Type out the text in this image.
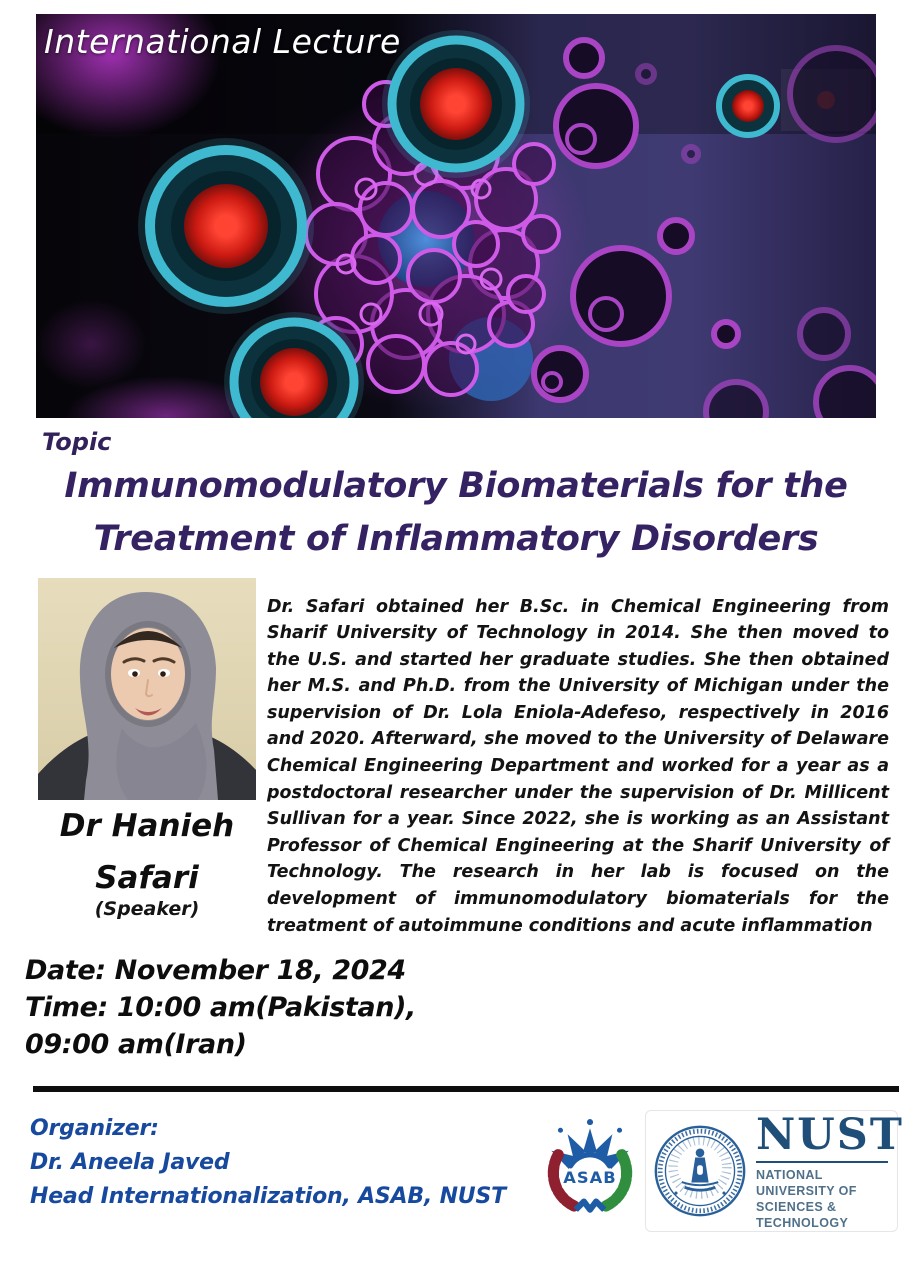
International Lecture
Topic
Immunomodulatory Biomaterials for the
Treatment of Inflammatory Disorders
Dr Hanieh
Safari
(Speaker)

Dr. Safari obtained her B.Sc. in Chemical Engineering from Sharif University of Technology in 2014. She then moved to the U.S. and started her graduate studies. She then obtained her M.S. and Ph.D. from the University of Michigan under the supervision of Dr. Lola Eniola-Adefeso, respectively in 2016 and 2020. Afterward, she moved to the University of Delaware Chemical Engineering Department and worked for a year as a postdoctoral researcher under the supervision of Dr. Millicent Sullivan for a year. Since 2022, she is working as an Assistant Professor of Chemical Engineering at the Sharif University of Technology. The research in her lab is focused on the development of immunomodulatory biomaterials for the treatment of autoimmune conditions and acute inflammation

Date: November 18, 2024
Time: 10:00 am(Pakistan),
09:00 am(Iran)
Organizer:
Dr. Aneela Javed
Head Internationalization, ASAB, NUST
ASAB
NUST
NATIONAL UNIVERSITY OF
SCIENCES & TECHNOLOGY
